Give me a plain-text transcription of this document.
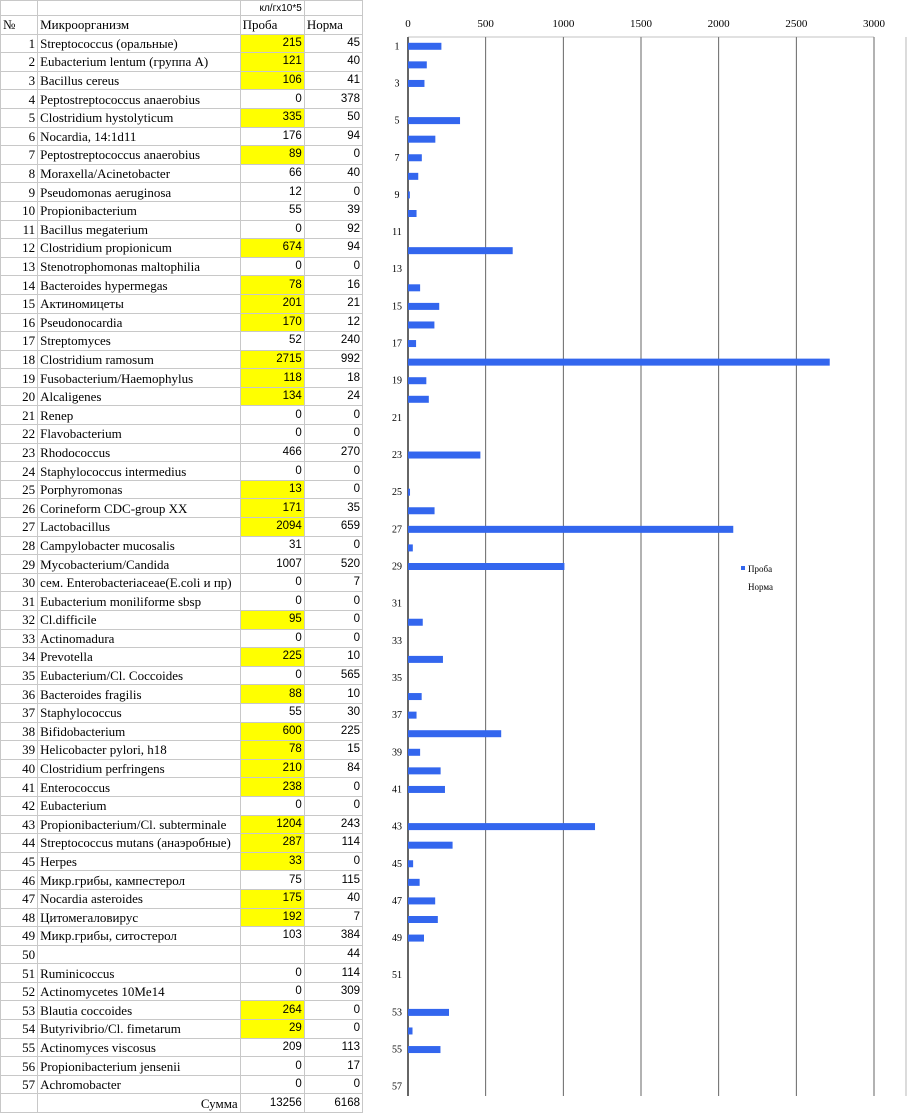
		кл/гх10*5	
№	Микроорганизм	Проба	Норма
1	Streptococcus (оральные)	215	45
2	Eubacterium lentum (группа A)	121	40
3	Bacillus cereus	106	41
4	Peptostreptococcus anaerobius	0	378
5	Clostridium hystolyticum	335	50
6	Nocardia, 14:1d11	176	94
7	Peptostreptococcus anaerobius	89	0
8	Moraxella/Acinetobacter	66	40
9	Pseudomonas aeruginosa	12	0
10	Propionibacterium	55	39
11	Bacillus megaterium	0	92
12	Clostridium propionicum	674	94
13	Stenotrophomonas maltophilia	0	0
14	Bacteroides hypermegas	78	16
15	Актиномицеты	201	21
16	Pseudonocardia	170	12
17	Streptomyces	52	240
18	Clostridium ramosum	2715	992
19	Fusobacterium/Haemophylus	118	18
20	Alcaligenes	134	24
21	Renep	0	0
22	Flavobacterium	0	0
23	Rhodococcus	466	270
24	Staphylococcus intermedius	0	0
25	Porphyromonas	13	0
26	Corineform CDC-group XX	171	35
27	Lactobacillus	2094	659
28	Campylobacter mucosalis	31	0
29	Mycobacterium/Candida	1007	520
30	сем. Enterobacteriaceae(E.coli и пр)	0	7
31	Eubacterium moniliforme sbsp	0	0
32	Cl.difficile	95	0
33	Actinomadura	0	0
34	Prevotella	225	10
35	Eubacterium/Cl. Coccoides	0	565
36	Bacteroides fragilis	88	10
37	Staphylococcus	55	30
38	Bifidobacterium	600	225
39	Helicobacter pylori, h18	78	15
40	Clostridium perfringens	210	84
41	Enterococcus	238	0
42	Eubacterium	0	0
43	Propionibacterium/Cl. subterminale	1204	243
44	Streptococcus mutans (анаэробные)	287	114
45	Herpes	33	0
46	Микр.грибы, кампестерол	75	115
47	Nocardia asteroides	175	40
48	Цитомегаловирус	192	7
49	Микр.грибы, ситостерол	103	384
50			44
51	Ruminicoccus	0	114
52	Actinomycetes 10Me14	0	309
53	Blautia coccoides	264	0
54	Butyrivibrio/Cl. fimetarum	29	0
55	Actinomyces viscosus	209	113
56	Propionibacterium jensenii	0	17
57	Achromobacter	0	0
	Сумма	13256	6168
0	500	1000	1500	2000	2500	3000
1
3
5
7
9
11
13
15
17
19
21
23
25
27
29
31
33
35
37
39
41
43
45
47
49
51
53
55
57
Проба
Норма
